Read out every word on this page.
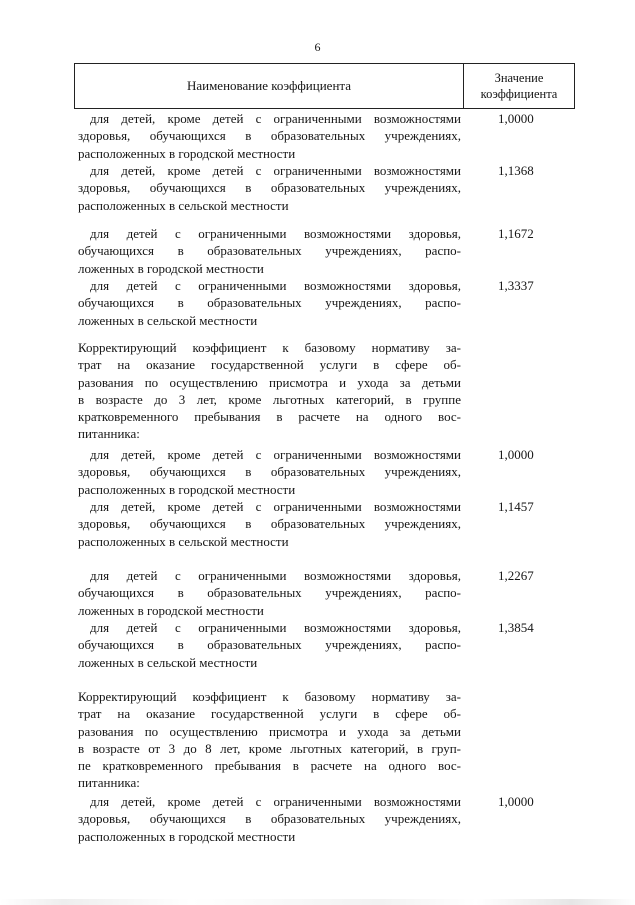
6
Наименование коэффициента	Значение
коэффициента
для детей, кроме детей с ограниченными возможностями
здоровья, обучающихся в образовательных учреждениях,
расположенных в городской местности
1,0000
для детей, кроме детей с ограниченными возможностями
здоровья, обучающихся в образовательных учреждениях,
расположенных в сельской местности
1,1368
для детей с ограниченными возможностями здоровья,
обучающихся в образовательных учреждениях, распо-
ложенных в городской местности
1,1672
для детей с ограниченными возможностями здоровья,
обучающихся в образовательных учреждениях, распо-
ложенных в сельской местности
1,3337
Корректирующий коэффициент к базовому нормативу за-
трат на оказание государственной услуги в сфере об-
разования по осуществлению присмотра и ухода за детьми
в возрасте до 3 лет, кроме льготных категорий, в группе
кратковременного пребывания в расчете на одного вос-
питанника:
для детей, кроме детей с ограниченными возможностями
здоровья, обучающихся в образовательных учреждениях,
расположенных в городской местности
1,0000
для детей, кроме детей с ограниченными возможностями
здоровья, обучающихся в образовательных учреждениях,
расположенных в сельской местности
1,1457
для детей с ограниченными возможностями здоровья,
обучающихся в образовательных учреждениях, распо-
ложенных в городской местности
1,2267
для детей с ограниченными возможностями здоровья,
обучающихся в образовательных учреждениях, распо-
ложенных в сельской местности
1,3854
Корректирующий коэффициент к базовому нормативу за-
трат на оказание государственной услуги в сфере об-
разования по осуществлению присмотра и ухода за детьми
в возрасте от 3 до 8 лет, кроме льготных категорий, в груп-
пе кратковременного пребывания в расчете на одного вос-
питанника:
для детей, кроме детей с ограниченными возможностями
здоровья, обучающихся в образовательных учреждениях,
расположенных в городской местности
1,0000
